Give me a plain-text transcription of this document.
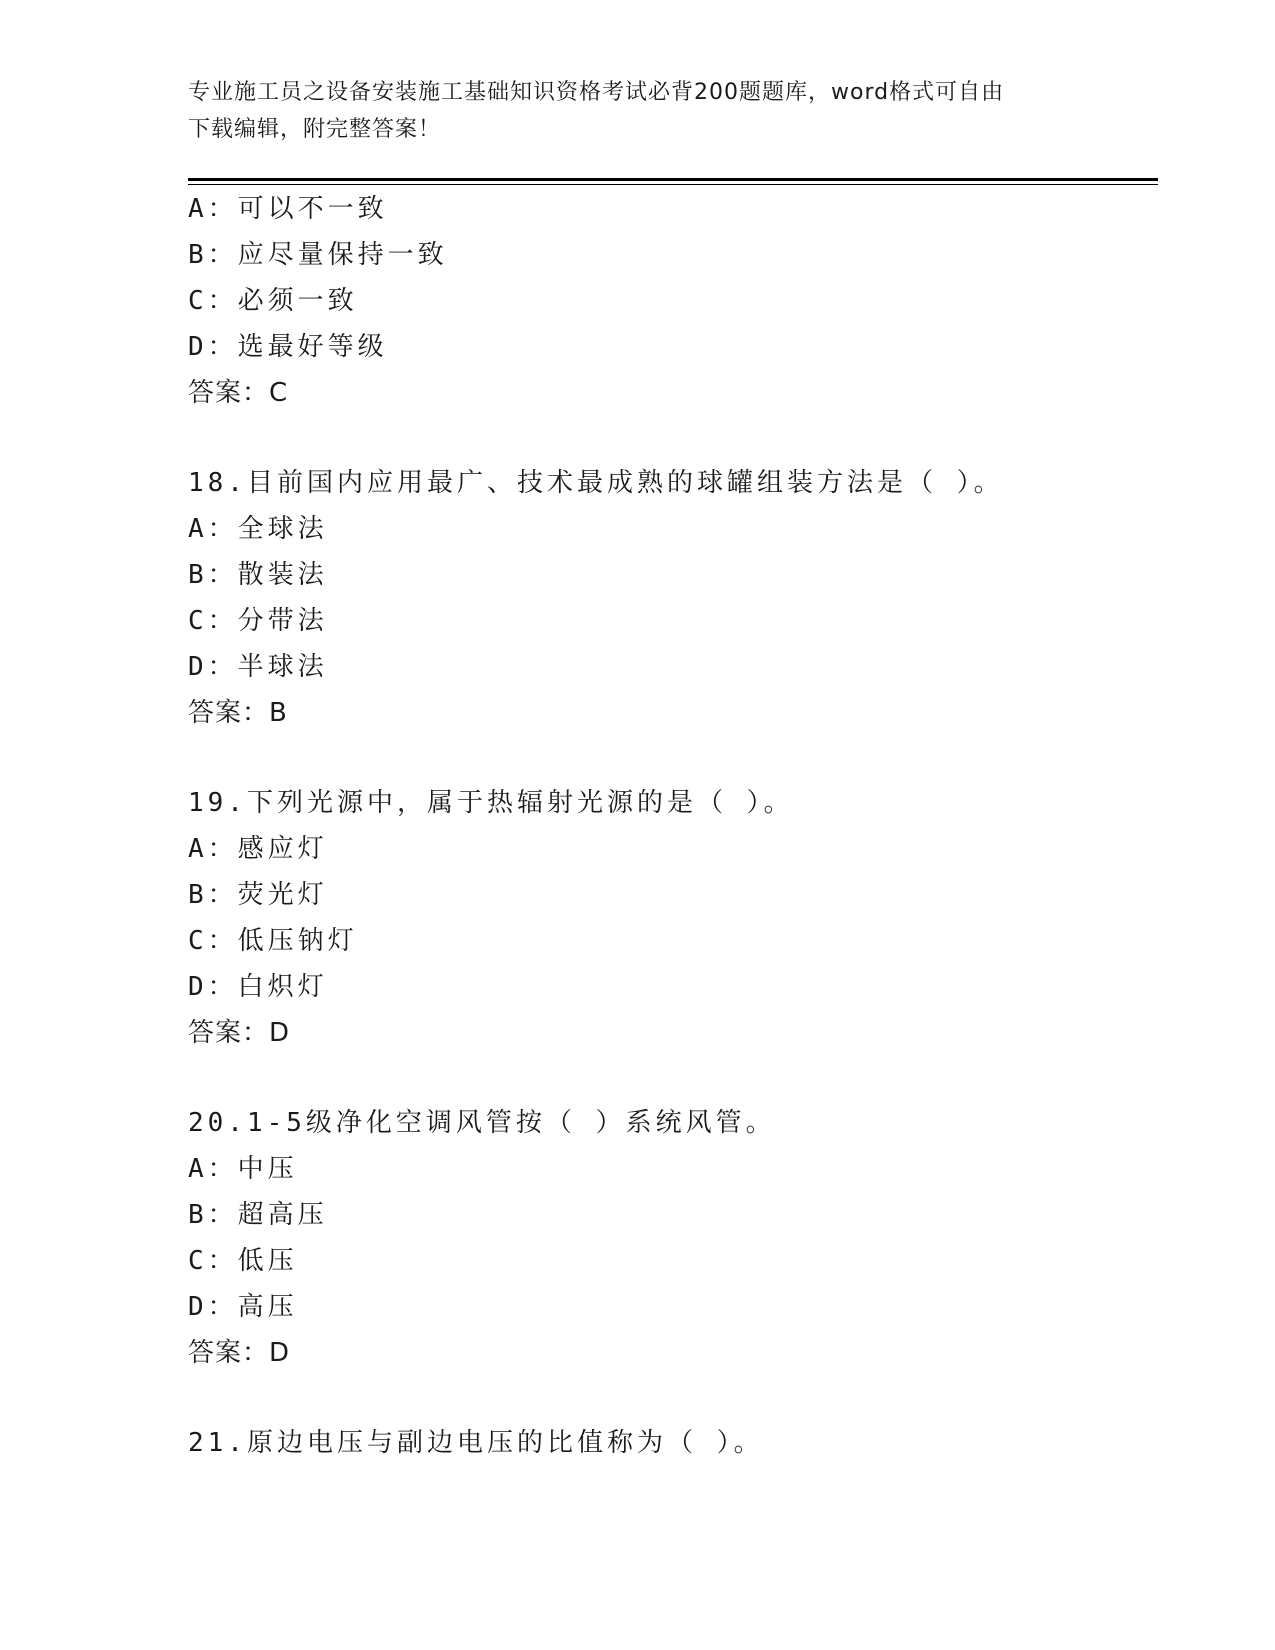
专业施工员之设备安装施工基础知识资格考试必背200题题库，word格式可自由
下载编辑，附完整答案！
A：可以不一致
B：应尽量保持一致
C：必须一致
D：选最好等级
答案：C
18.目前国内应用最广、技术最成熟的球罐组装方法是（ ）。
A：全球法
B：散装法
C：分带法
D：半球法
答案：B
19.下列光源中，属于热辐射光源的是（ ）。
A：感应灯
B：荧光灯
C：低压钠灯
D：白炽灯
答案：D
20.1-5级净化空调风管按（ ）系统风管。
A：中压
B：超高压
C：低压
D：高压
答案：D
21.原边电压与副边电压的比值称为（ ）。
